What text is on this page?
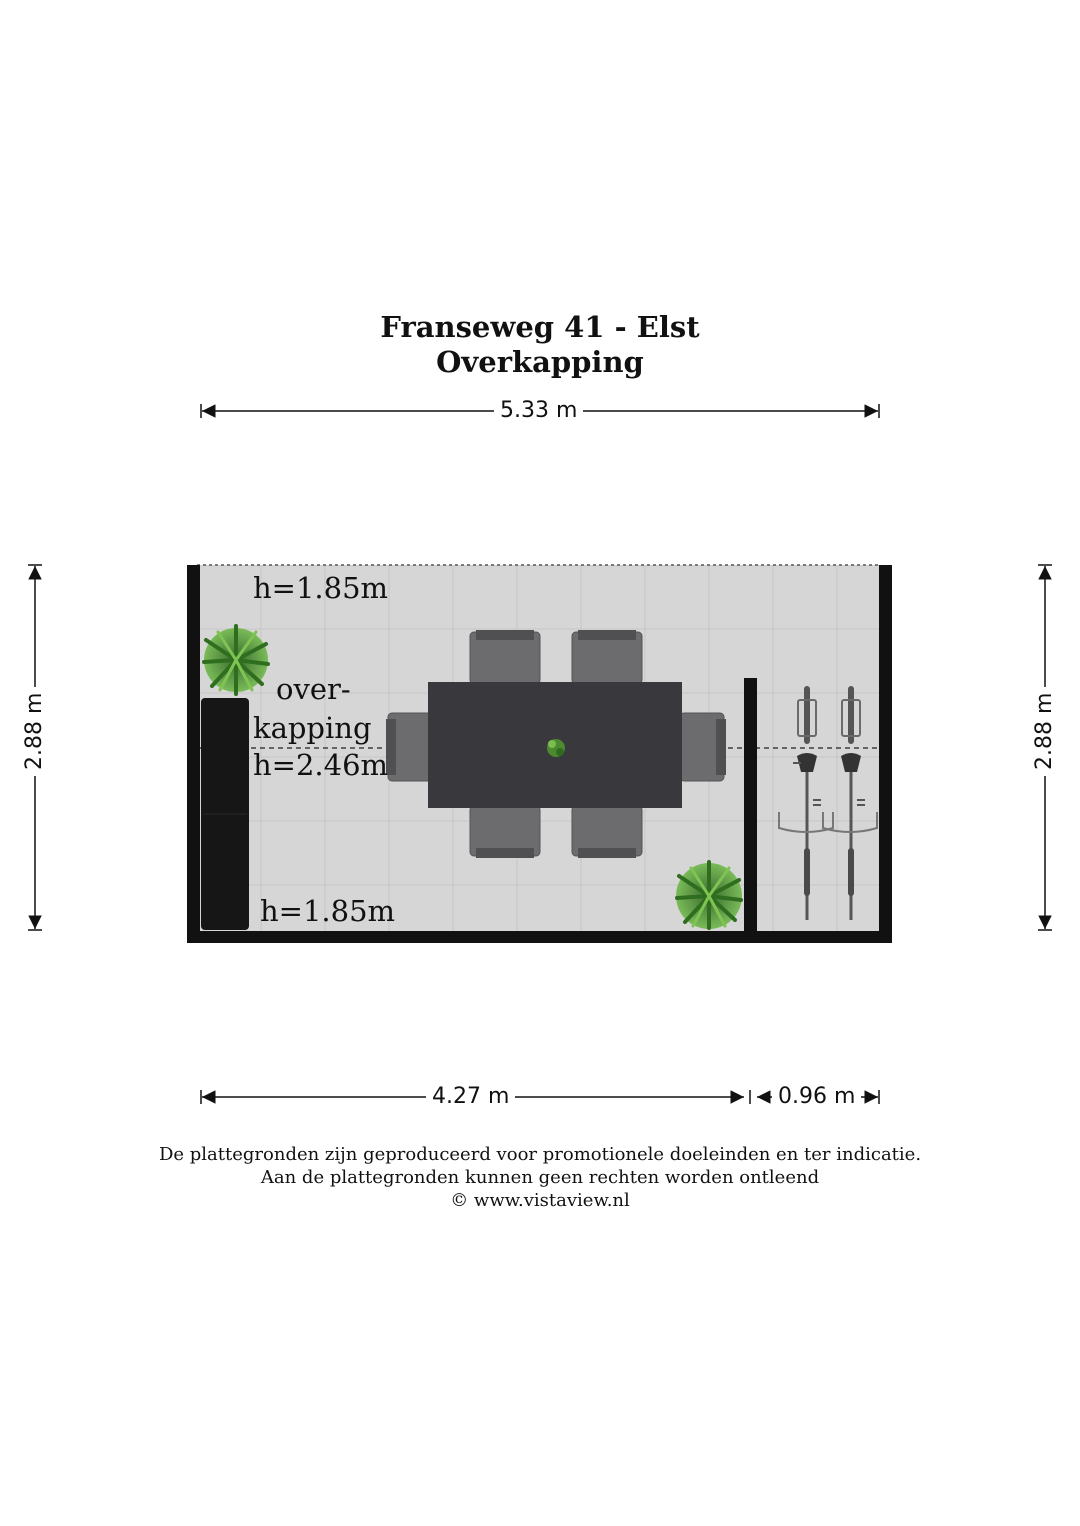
Franseweg 41 - Elst
Overkapping
5.33 m
2.88 m	2.88 m
4.27 m	0.96 m
h=1.85m
over-
kapping
h=2.46m
h=1.85m
De plattegronden zijn geproduceerd voor promotionele doeleinden en ter indicatie.
Aan de plattegronden kunnen geen rechten worden ontleend
© www.vistaview.nl
